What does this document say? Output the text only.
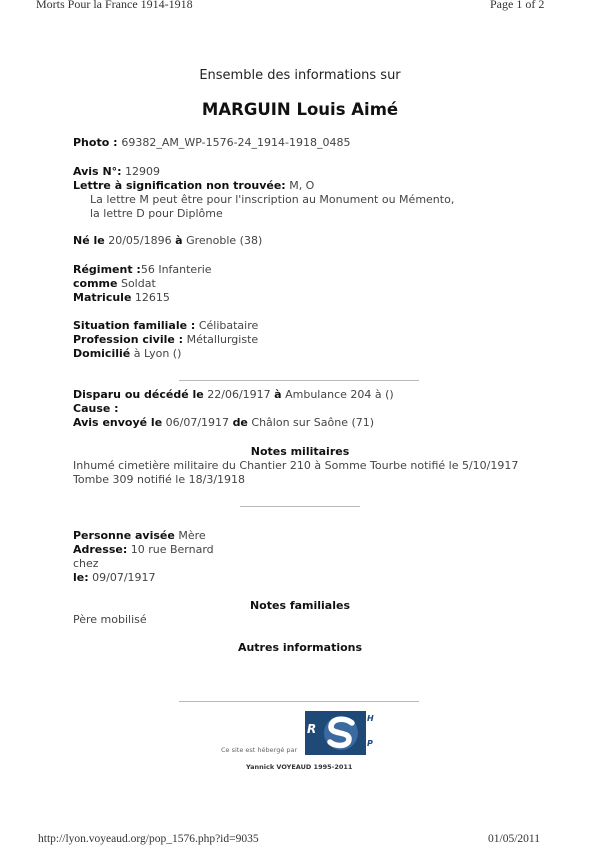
Morts Pour la France 1914-1918	Page 1 of 2
Ensemble des informations sur
MARGUIN Louis Aimé
Photo : 69382_AM_WP-1576-24_1914-1918_0485
Avis N°: 12909
Lettre à signification non trouvée: M, O
La lettre M peut être pour l'inscription au Monument ou Mémento,
la lettre D pour Diplôme
Né le 20/05/1896 à Grenoble (38)
Régiment :56 Infanterie
comme Soldat
Matricule 12615
Situation familiale : Célibataire
Profession civile : Métallurgiste
Domicilié à Lyon ()
Disparu ou décédé le 22/06/1917 à Ambulance 204 à ()
Cause :
Avis envoyé le 06/07/1917 de Châlon sur Saône (71)
Notes militaires
Inhumé cimetière militaire du Chantier 210 à Somme Tourbe notifié le 5/10/1917
Tombe 309 notifié le 18/3/1918
Personne avisée Mère
Adresse: 10 rue Bernard
chez
le: 09/07/1917
Notes familiales
Père mobilisé
Autres informations
Ce site est hébergé par
R
H
P
Yannick VOYEAUD 1995-2011
http://lyon.voyeaud.org/pop_1576.php?id=9035	01/05/2011
